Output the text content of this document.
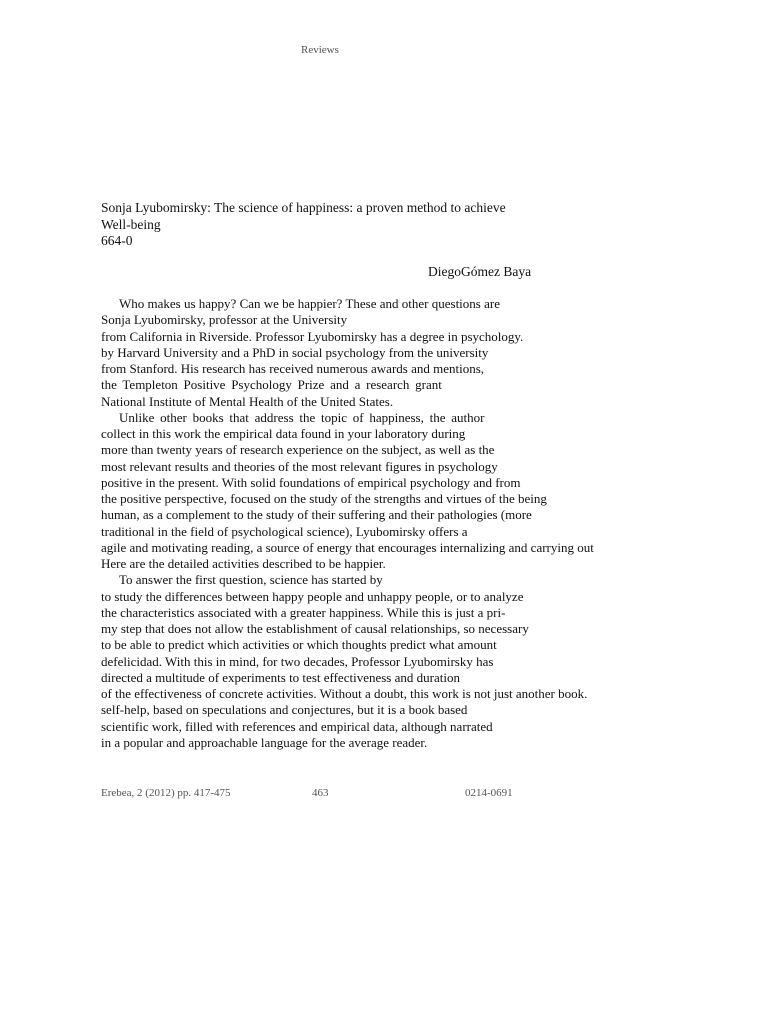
Reviews
Sonja Lyubomirsky: The science of happiness: a proven method to achieve
Well-being
664-0
DiegoGómez Baya
Who makes us happy? Can we be happier? These and other questions are
Sonja Lyubomirsky, professor at the University
from California in Riverside. Professor Lyubomirsky has a degree in psychology.
by Harvard University and a PhD in social psychology from the university
from Stanford. His research has received numerous awards and mentions,
the Templeton Positive Psychology Prize and a research grant
National Institute of Mental Health of the United States.
Unlike other books that address the topic of happiness, the author
collect in this work the empirical data found in your laboratory during
more than twenty years of research experience on the subject, as well as the
most relevant results and theories of the most relevant figures in psychology
positive in the present. With solid foundations of empirical psychology and from
the positive perspective, focused on the study of the strengths and virtues of the being
human, as a complement to the study of their suffering and their pathologies (more
traditional in the field of psychological science), Lyubomirsky offers a
agile and motivating reading, a source of energy that encourages internalizing and carrying out
Here are the detailed activities described to be happier.
To answer the first question, science has started by
to study the differences between happy people and unhappy people, or to analyze
the characteristics associated with a greater happiness. While this is just a pri-
my step that does not allow the establishment of causal relationships, so necessary
to be able to predict which activities or which thoughts predict what amount
defelicidad. With this in mind, for two decades, Professor Lyubomirsky has
directed a multitude of experiments to test effectiveness and duration
of the effectiveness of concrete activities. Without a doubt, this work is not just another book.
self-help, based on speculations and conjectures, but it is a book based
scientific work, filled with references and empirical data, although narrated
in a popular and approachable language for the average reader.
Erebea, 2 (2012) pp. 417-475	463	0214-0691
